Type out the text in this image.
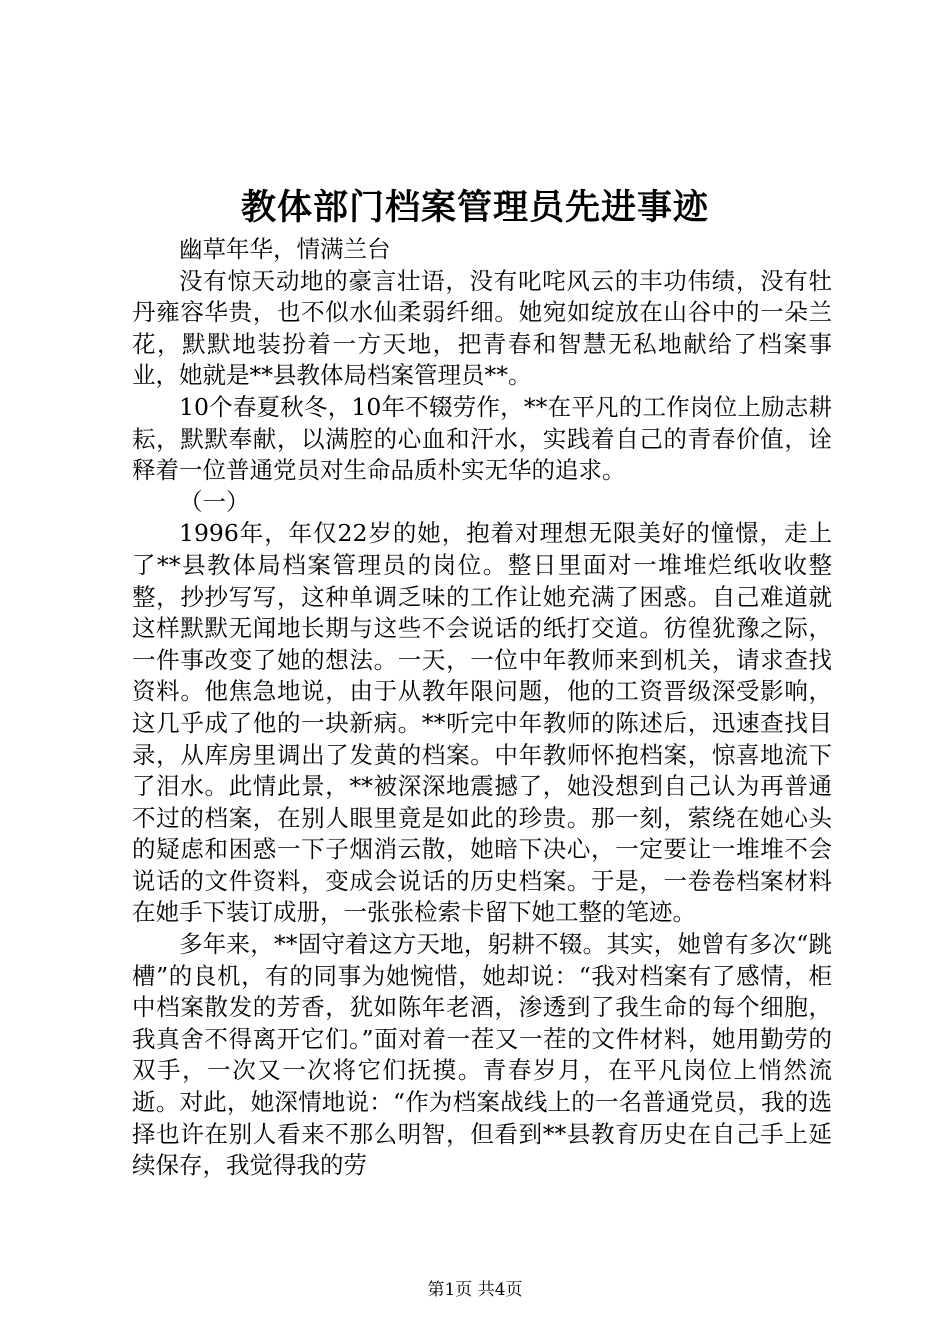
教体部门档案管理员先进事迹

幽草年华，情满兰台

没有惊天动地的豪言壮语，没有叱咤风云的丰功伟绩，没有牡丹雍容华贵，也不似水仙柔弱纤细。她宛如绽放在山谷中的一朵兰花，默默地装扮着一方天地，把青春和智慧无私地献给了档案事业，她就是**县教体局档案管理员**。

10个春夏秋冬，10年不辍劳作，**在平凡的工作岗位上励志耕耘，默默奉献，以满腔的心血和汗水，实践着自己的青春价值，诠释着一位普通党员对生命品质朴实无华的追求。

（一）

1996年，年仅22岁的她，抱着对理想无限美好的憧憬，走上了**县教体局档案管理员的岗位。整日里面对一堆堆烂纸收收整整，抄抄写写，这种单调乏味的工作让她充满了困惑。自己难道就这样默默无闻地长期与这些不会说话的纸打交道。彷徨犹豫之际，一件事改变了她的想法。一天，一位中年教师来到机关，请求查找资料。他焦急地说，由于从教年限问题，他的工资晋级深受影响，这几乎成了他的一块新病。**听完中年教师的陈述后，迅速查找目录，从库房里调出了发黄的档案。中年教师怀抱档案，惊喜地流下了泪水。此情此景，**被深深地震撼了，她没想到自己认为再普通不过的档案，在别人眼里竟是如此的珍贵。那一刻，萦绕在她心头的疑虑和困惑一下子烟消云散，她暗下决心，一定要让一堆堆不会说话的文件资料，变成会说话的历史档案。于是，一卷卷档案材料在她手下装订成册，一张张检索卡留下她工整的笔迹。

多年来，**固守着这方天地，躬耕不辍。其实，她曾有多次“跳槽”的良机，有的同事为她惋惜，她却说：“我对档案有了感情，柜中档案散发的芳香，犹如陈年老酒，渗透到了我生命的每个细胞，我真舍不得离开它们。”面对着一茬又一茬的文件材料，她用勤劳的双手，一次又一次将它们抚摸。青春岁月，在平凡岗位上悄然流逝。对此，她深情地说：“作为档案战线上的一名普通党员，我的选择也许在别人看来不那么明智，但看到**县教育历史在自己手上延续保存，我觉得我的劳

第1页 共4页
